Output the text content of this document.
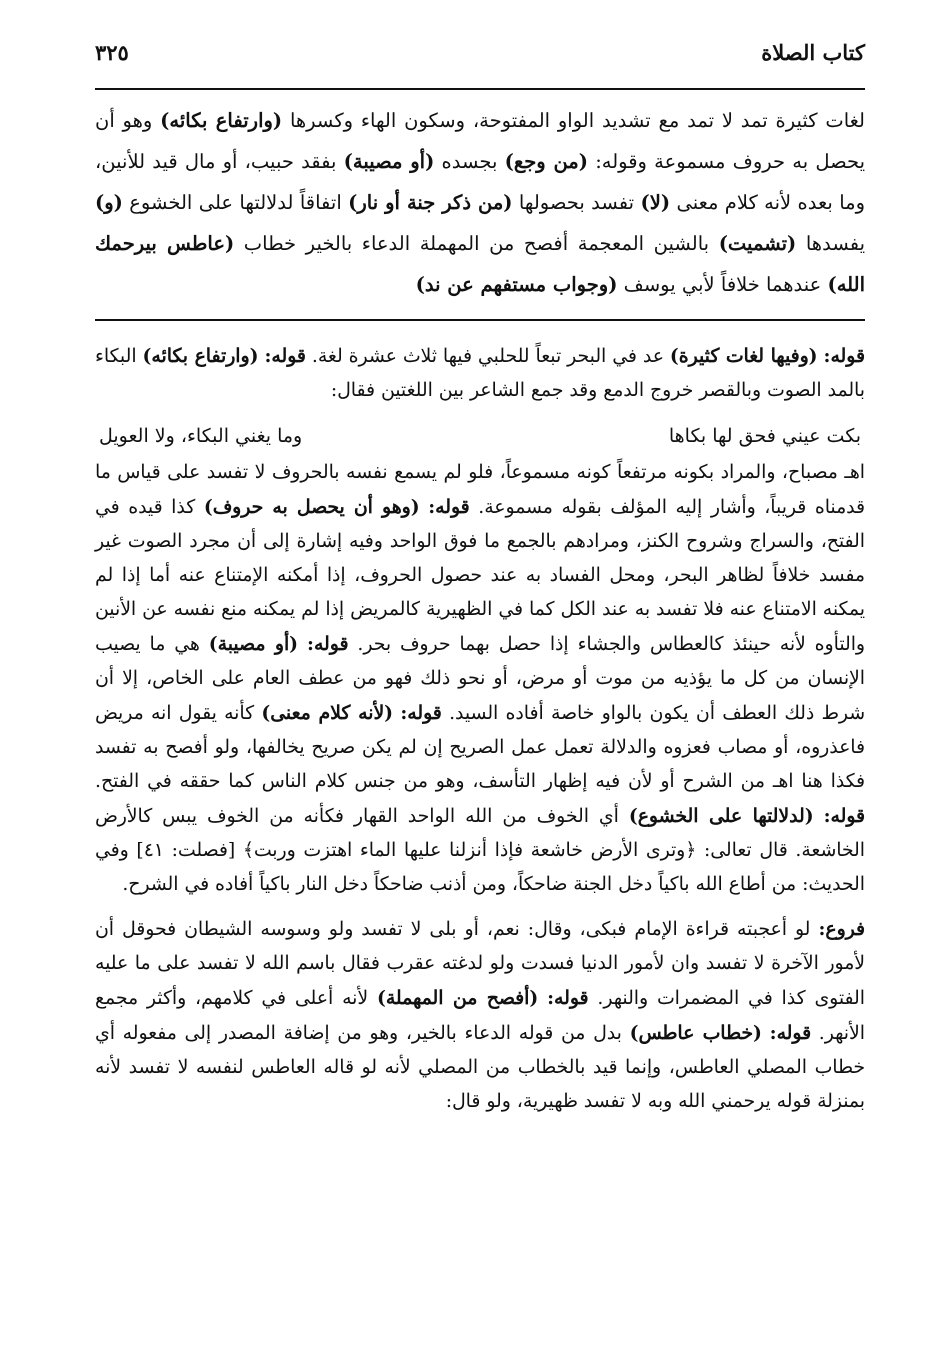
كتاب الصلاة
٣٢٥

لغات كثيرة تمد لا تمد مع تشديد الواو المفتوحة، وسكون الهاء وكسرها (وارتفاع بكائه) وهو أن يحصل به حروف مسموعة وقوله: (من وجع) بجسده (أو مصيبة) بفقد حبيب، أو مال قيد للأنين، وما بعده لأنه كلام معنى (لا) تفسد بحصولها (من ذكر جنة أو نار) اتفاقاً لدلالتها على الخشوع (و) يفسدها (تشميت) بالشين المعجمة أفصح من المهملة الدعاء بالخير خطاب (عاطس بيرحمك الله) عندهما خلافاً لأبي يوسف (وجواب مستفهم عن ند)

قوله: (وفيها لغات كثيرة) عد في البحر تبعاً للحلبي فيها ثلاث عشرة لغة. قوله: (وارتفاع بكائه) البكاء بالمد الصوت وبالقصر خروج الدمع وقد جمع الشاعر بين اللغتين فقال:

بكت عيني فحق لها بكاها
وما يغني البكاء، ولا العويل

اهـ مصباح، والمراد بكونه مرتفعاً كونه مسموعاً، فلو لم يسمع نفسه بالحروف لا تفسد على قياس ما قدمناه قريباً، وأشار إليه المؤلف بقوله مسموعة. قوله: (وهو أن يحصل به حروف) كذا قيده في الفتح، والسراج وشروح الكنز، ومرادهم بالجمع ما فوق الواحد وفيه إشارة إلى أن مجرد الصوت غير مفسد خلافاً لظاهر البحر، ومحل الفساد به عند حصول الحروف، إذا أمكنه الإمتناع عنه أما إذا لم يمكنه الامتناع عنه فلا تفسد به عند الكل كما في الظهيرية كالمريض إذا لم يمكنه منع نفسه عن الأنين والتأوه لأنه حينئذ كالعطاس والجشاء إذا حصل بهما حروف بحر. قوله: (أو مصيبة) هي ما يصيب الإنسان من كل ما يؤذيه من موت أو مرض، أو نحو ذلك فهو من عطف العام على الخاص، إلا أن شرط ذلك العطف أن يكون بالواو خاصة أفاده السيد. قوله: (لأنه كلام معنى) كأنه يقول انه مريض فاعذروه، أو مصاب فعزوه والدلالة تعمل عمل الصريح إن لم يكن صريح يخالفها، ولو أفصح به تفسد فكذا هنا اهـ من الشرح أو لأن فيه إظهار التأسف، وهو من جنس كلام الناس كما حققه في الفتح. قوله: (لدلالتها على الخشوع) أي الخوف من الله الواحد القهار فكأنه من الخوف يبس كالأرض الخاشعة. قال تعالى: ﴿وترى الأرض خاشعة فإذا أنزلنا عليها الماء اهتزت وربت﴾ [فصلت: ٤١] وفي الحديث: من أطاع الله باكياً دخل الجنة ضاحكاً، ومن أذنب ضاحكاً دخل النار باكياً أفاده في الشرح.

فروع: لو أعجبته قراءة الإمام فبكى، وقال: نعم، أو بلى لا تفسد ولو وسوسه الشيطان فحوقل أن لأمور الآخرة لا تفسد وان لأمور الدنيا فسدت ولو لدغته عقرب فقال باسم الله لا تفسد على ما عليه الفتوى كذا في المضمرات والنهر. قوله: (أفصح من المهملة) لأنه أعلى في كلامهم، وأكثر مجمع الأنهر. قوله: (خطاب عاطس) بدل من قوله الدعاء بالخير، وهو من إضافة المصدر إلى مفعوله أي خطاب المصلي العاطس، وإنما قيد بالخطاب من المصلي لأنه لو قاله العاطس لنفسه لا تفسد لأنه بمنزلة قوله يرحمني الله وبه لا تفسد ظهيرية، ولو قال:
